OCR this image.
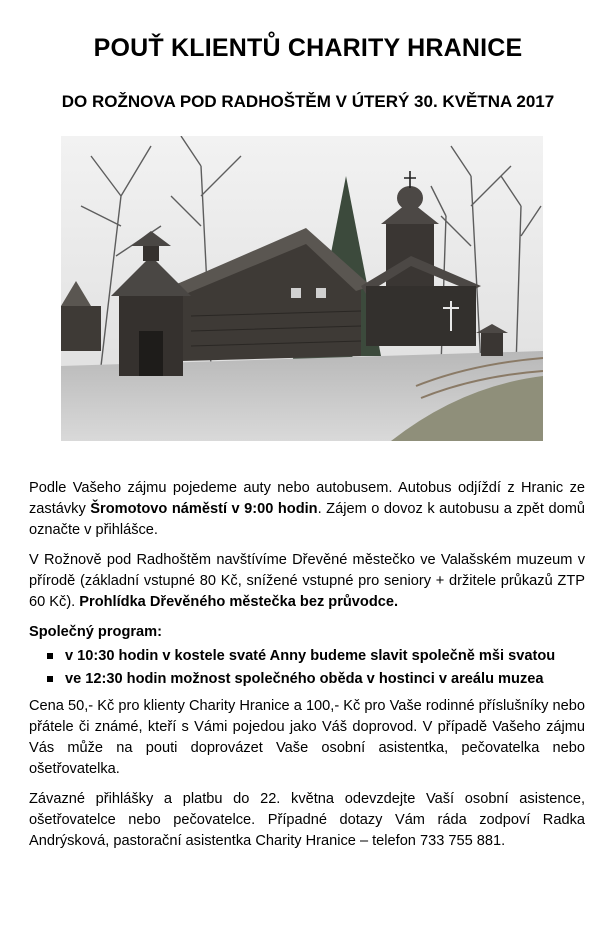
POUŤ KLIENTŮ CHARITY HRANICE
DO ROŽNOVA POD RADHOŠTĚM V ÚTERÝ 30. KVĚTNA 2017

Podle Vašeho zájmu pojedeme auty nebo autobusem. Autobus odjíždí z Hranic ze zastávky Šromotovo náměstí v 9:00 hodin. Zájem o dovoz k autobusu a zpět domů označte v přihlášce.

V Rožnově pod Radhoštěm navštívíme Dřevěné městečko ve Valašském muzeum v přírodě (základní vstupné 80 Kč, snížené vstupné pro seniory + držitele průkazů ZTP 60 Kč). Prohlídka Dřevěného městečka bez průvodce.

Společný program:
v 10:30 hodin v kostele svaté Anny budeme slavit společně mši svatou
ve 12:30 hodin možnost společného oběda v hostinci v areálu muzea

Cena 50,- Kč pro klienty Charity Hranice a 100,- Kč pro Vaše rodinné příslušníky nebo přátele či známé, kteří s Vámi pojedou jako Váš doprovod. V případě Vašeho zájmu Vás může na pouti doprovázet Vaše osobní asistentka, pečovatelka nebo ošetřovatelka.

Závazné přihlášky a platbu do 22. května odevzdejte Vaší osobní asistence, ošetřovatelce nebo pečovatelce. Případné dotazy Vám ráda zodpoví Radka Andrýsková, pastorační asistentka Charity Hranice – telefon 733 755 881.
